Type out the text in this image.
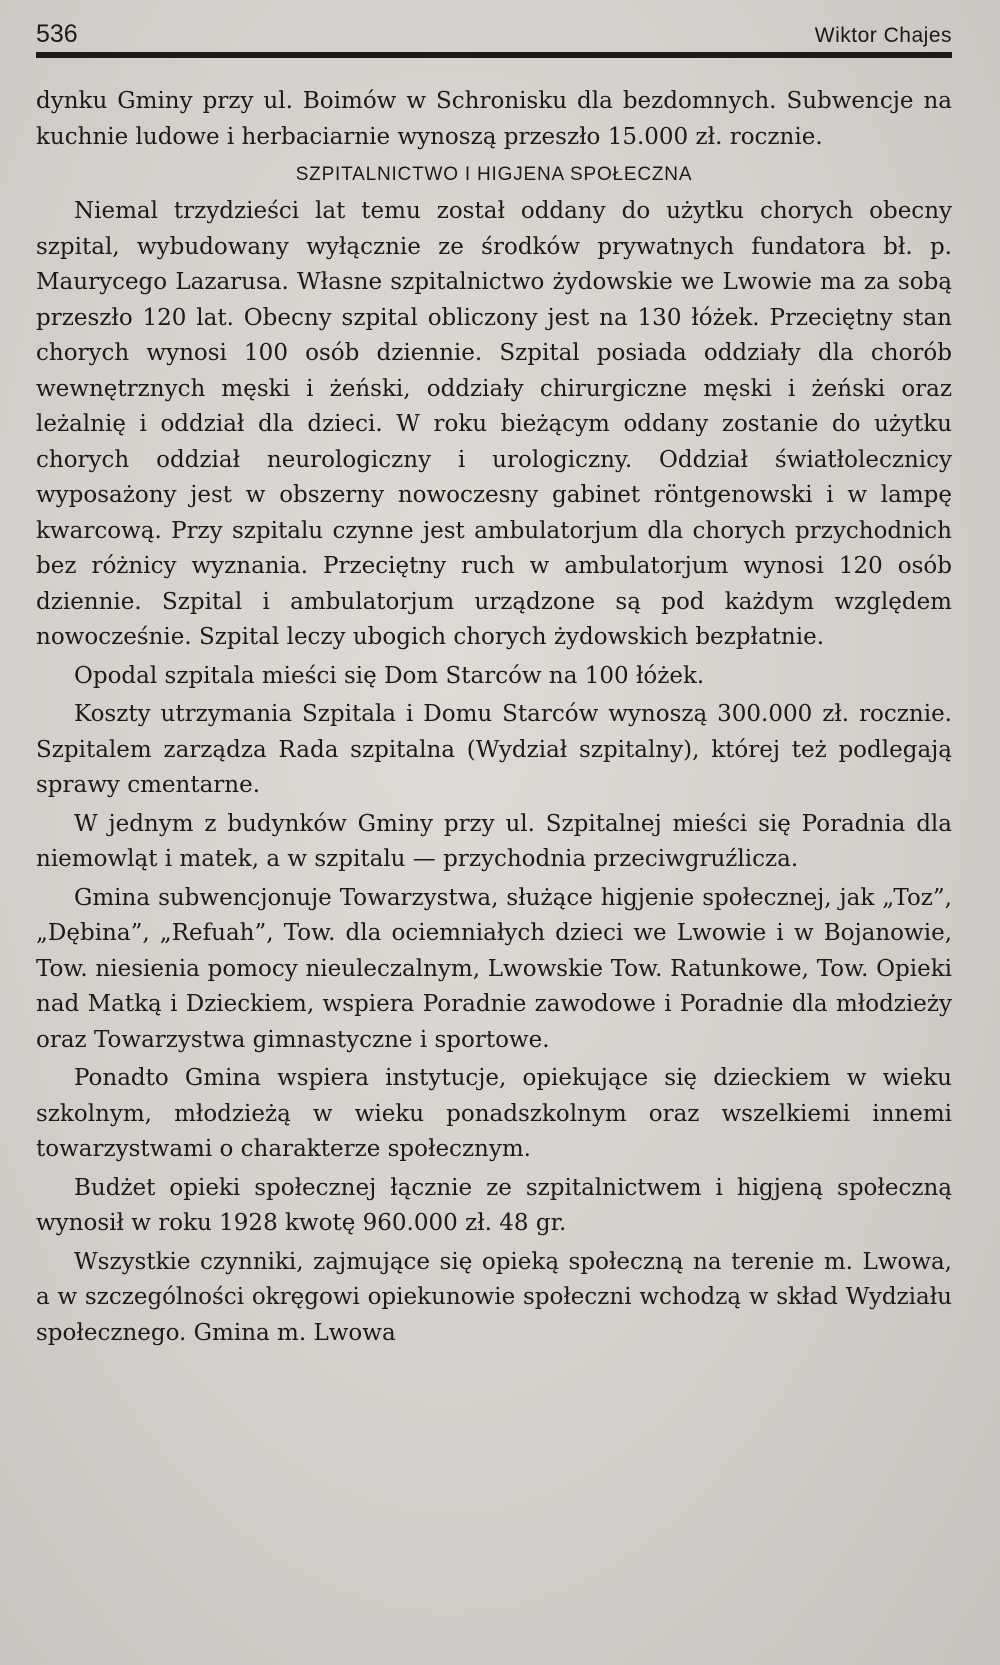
536	Wiktor Chajes

dynku Gminy przy ul. Boimów w Schronisku dla bezdomnych. Subwencje na kuchnie ludowe i herbaciarnie wynoszą przeszło 15.000 zł. rocznie.

SZPITALNICTWO I HIGJENA SPOŁECZNA

Niemal trzydzieści lat temu został oddany do użytku chorych obecny szpital, wybudowany wyłącznie ze środków prywatnych fundatora bł. p. Maurycego Lazarusa. Własne szpitalnictwo żydowskie we Lwowie ma za sobą przeszło 120 lat. Obecny szpital obliczony jest na 130 łóżek. Przeciętny stan chorych wynosi 100 osób dziennie. Szpital posiada oddziały dla chorób wewnętrznych męski i żeński, oddziały chirurgiczne męski i żeński oraz leżalnię i oddział dla dzieci. W roku bieżącym oddany zostanie do użytku chorych oddział neurologiczny i urologiczny. Oddział światłolecznicy wyposażony jest w obszerny nowoczesny gabinet röntgenowski i w lampę kwarcową. Przy szpitalu czynne jest ambulatorjum dla chorych przychodnich bez różnicy wyznania. Przeciętny ruch w ambulatorjum wynosi 120 osób dziennie. Szpital i ambulatorjum urządzone są pod każdym względem nowocześnie. Szpital leczy ubogich chorych żydowskich bezpłatnie.

Opodal szpitala mieści się Dom Starców na 100 łóżek.

Koszty utrzymania Szpitala i Domu Starców wynoszą 300.000 zł. rocznie. Szpitalem zarządza Rada szpitalna (Wydział szpitalny), której też podlegają sprawy cmentarne.

W jednym z budynków Gminy przy ul. Szpitalnej mieści się Poradnia dla niemowląt i matek, a w szpitalu — przychodnia przeciwgruźlicza.

Gmina subwencjonuje Towarzystwa, służące higjenie społecznej, jak „Toz”, „Dębina”, „Refuah”, Tow. dla ociemniałych dzieci we Lwowie i w Bojanowie, Tow. niesienia pomocy nieuleczalnym, Lwowskie Tow. Ratunkowe, Tow. Opieki nad Matką i Dzieckiem, wspiera Poradnie zawodowe i Poradnie dla młodzieży oraz Towarzystwa gimnastyczne i sportowe.

Ponadto Gmina wspiera instytucje, opiekujące się dzieckiem w wieku szkolnym, młodzieżą w wieku ponadszkolnym oraz wszelkiemi innemi towarzystwami o charakterze społecznym.

Budżet opieki społecznej łącznie ze szpitalnictwem i higjeną społeczną wynosił w roku 1928 kwotę 960.000 zł. 48 gr.

Wszystkie czynniki, zajmujące się opieką społeczną na terenie m. Lwowa, a w szczególności okręgowi opiekunowie społeczni wchodzą w skład Wydziału społecznego. Gmina m. Lwowa
